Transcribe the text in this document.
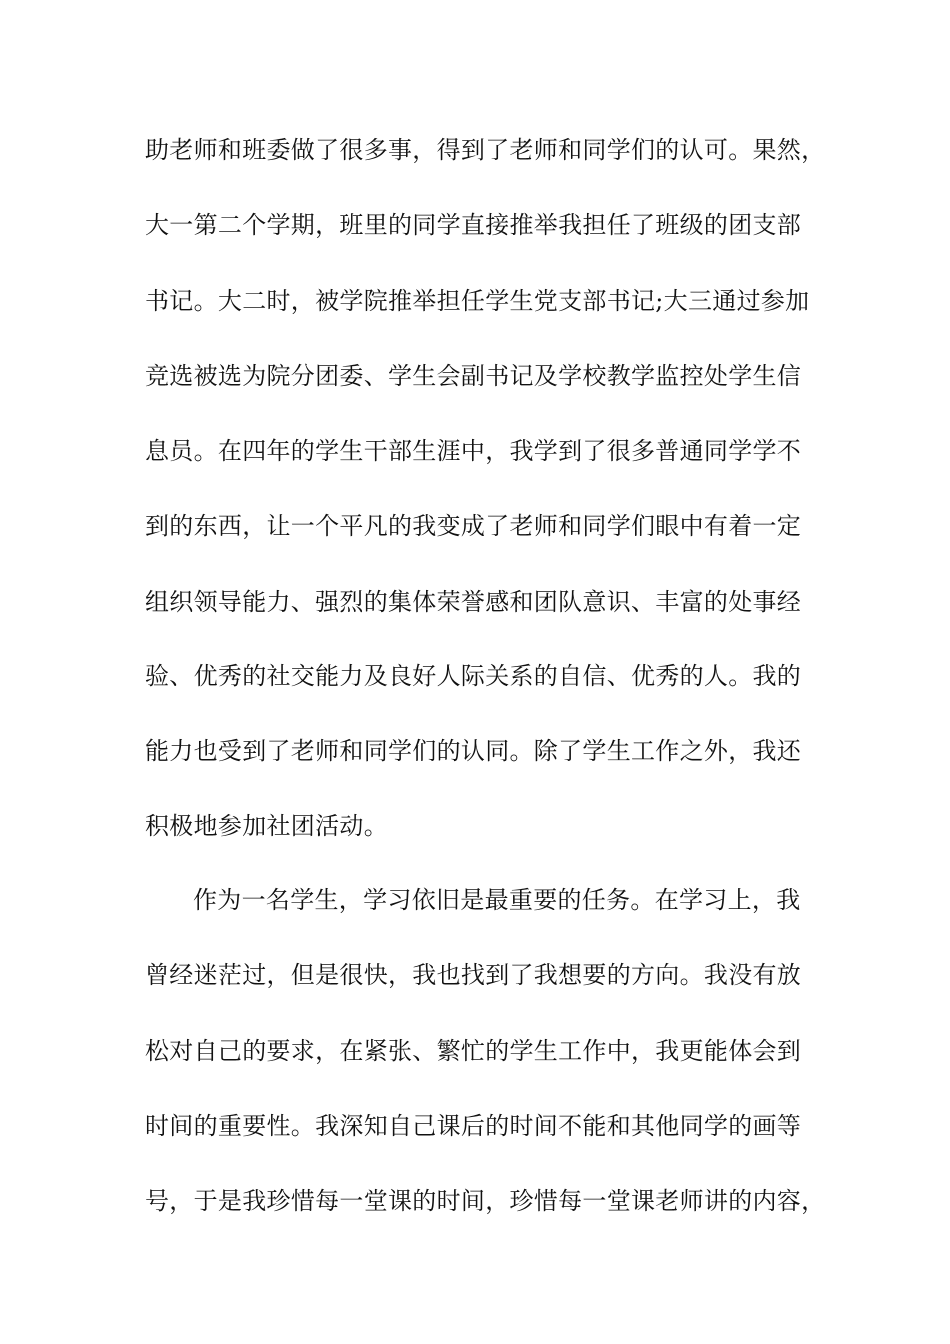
助老师和班委做了很多事，得到了老师和同学们的认可。果然，
大一第二个学期，班里的同学直接推举我担任了班级的团支部
书记。大二时，被学院推举担任学生党支部书记;大三通过参加
竞选被选为院分团委、学生会副书记及学校教学监控处学生信
息员。在四年的学生干部生涯中，我学到了很多普通同学学不
到的东西，让一个平凡的我变成了老师和同学们眼中有着一定
组织领导能力、强烈的集体荣誉感和团队意识、丰富的处事经
验、优秀的社交能力及良好人际关系的自信、优秀的人。我的
能力也受到了老师和同学们的认同。除了学生工作之外，我还
积极地参加社团活动。
作为一名学生，学习依旧是最重要的任务。在学习上，我
曾经迷茫过，但是很快，我也找到了我想要的方向。我没有放
松对自己的要求，在紧张、繁忙的学生工作中，我更能体会到
时间的重要性。我深知自己课后的时间不能和其他同学的画等
号，于是我珍惜每一堂课的时间，珍惜每一堂课老师讲的内容，
